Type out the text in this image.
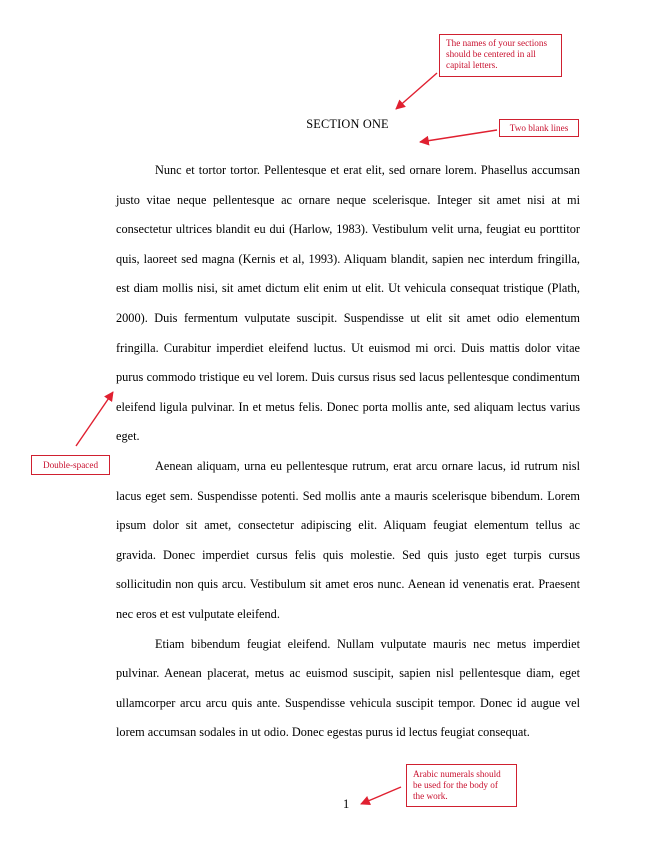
SECTION ONE

Nunc et tortor tortor. Pellentesque et erat elit, sed ornare lorem. Phasellus accumsan justo vitae neque pellentesque ac ornare neque scelerisque. Integer sit amet nisi at mi consectetur ultrices blandit eu dui (Harlow, 1983). Vestibulum velit urna, feugiat eu porttitor quis, laoreet sed magna (Kernis et al, 1993). Aliquam blandit, sapien nec interdum fringilla, est diam mollis nisi, sit amet dictum elit enim ut elit. Ut vehicula consequat tristique (Plath, 2000). Duis fermentum vulputate suscipit. Suspendisse ut elit sit amet odio elementum fringilla. Curabitur imperdiet eleifend luctus. Ut euismod mi orci. Duis mattis dolor vitae purus commodo tristique eu vel lorem. Duis cursus risus sed lacus pellentesque condimentum eleifend ligula pulvinar. In et metus felis. Donec porta mollis ante, sed aliquam lectus varius eget.

Aenean aliquam, urna eu pellentesque rutrum, erat arcu ornare lacus, id rutrum nisl lacus eget sem. Suspendisse potenti. Sed mollis ante a mauris scelerisque bibendum. Lorem ipsum dolor sit amet, consectetur adipiscing elit. Aliquam feugiat elementum tellus ac gravida. Donec imperdiet cursus felis quis molestie. Sed quis justo eget turpis cursus sollicitudin non quis arcu. Vestibulum sit amet eros nunc. Aenean id venenatis erat. Praesent nec eros et est vulputate eleifend.

Etiam bibendum feugiat eleifend. Nullam vulputate mauris nec metus imperdiet pulvinar. Aenean placerat, metus ac euismod suscipit, sapien nisl pellentesque diam, eget ullamcorper arcu arcu quis ante. Suspendisse vehicula suscipit tempor. Donec id augue vel lorem accumsan sodales in ut odio. Donec egestas purus id lectus feugiat consequat.

1
The names of your sections should be centered in all capital letters.
Two blank lines
Double-spaced
Arabic numerals should be used for the body of the work.
